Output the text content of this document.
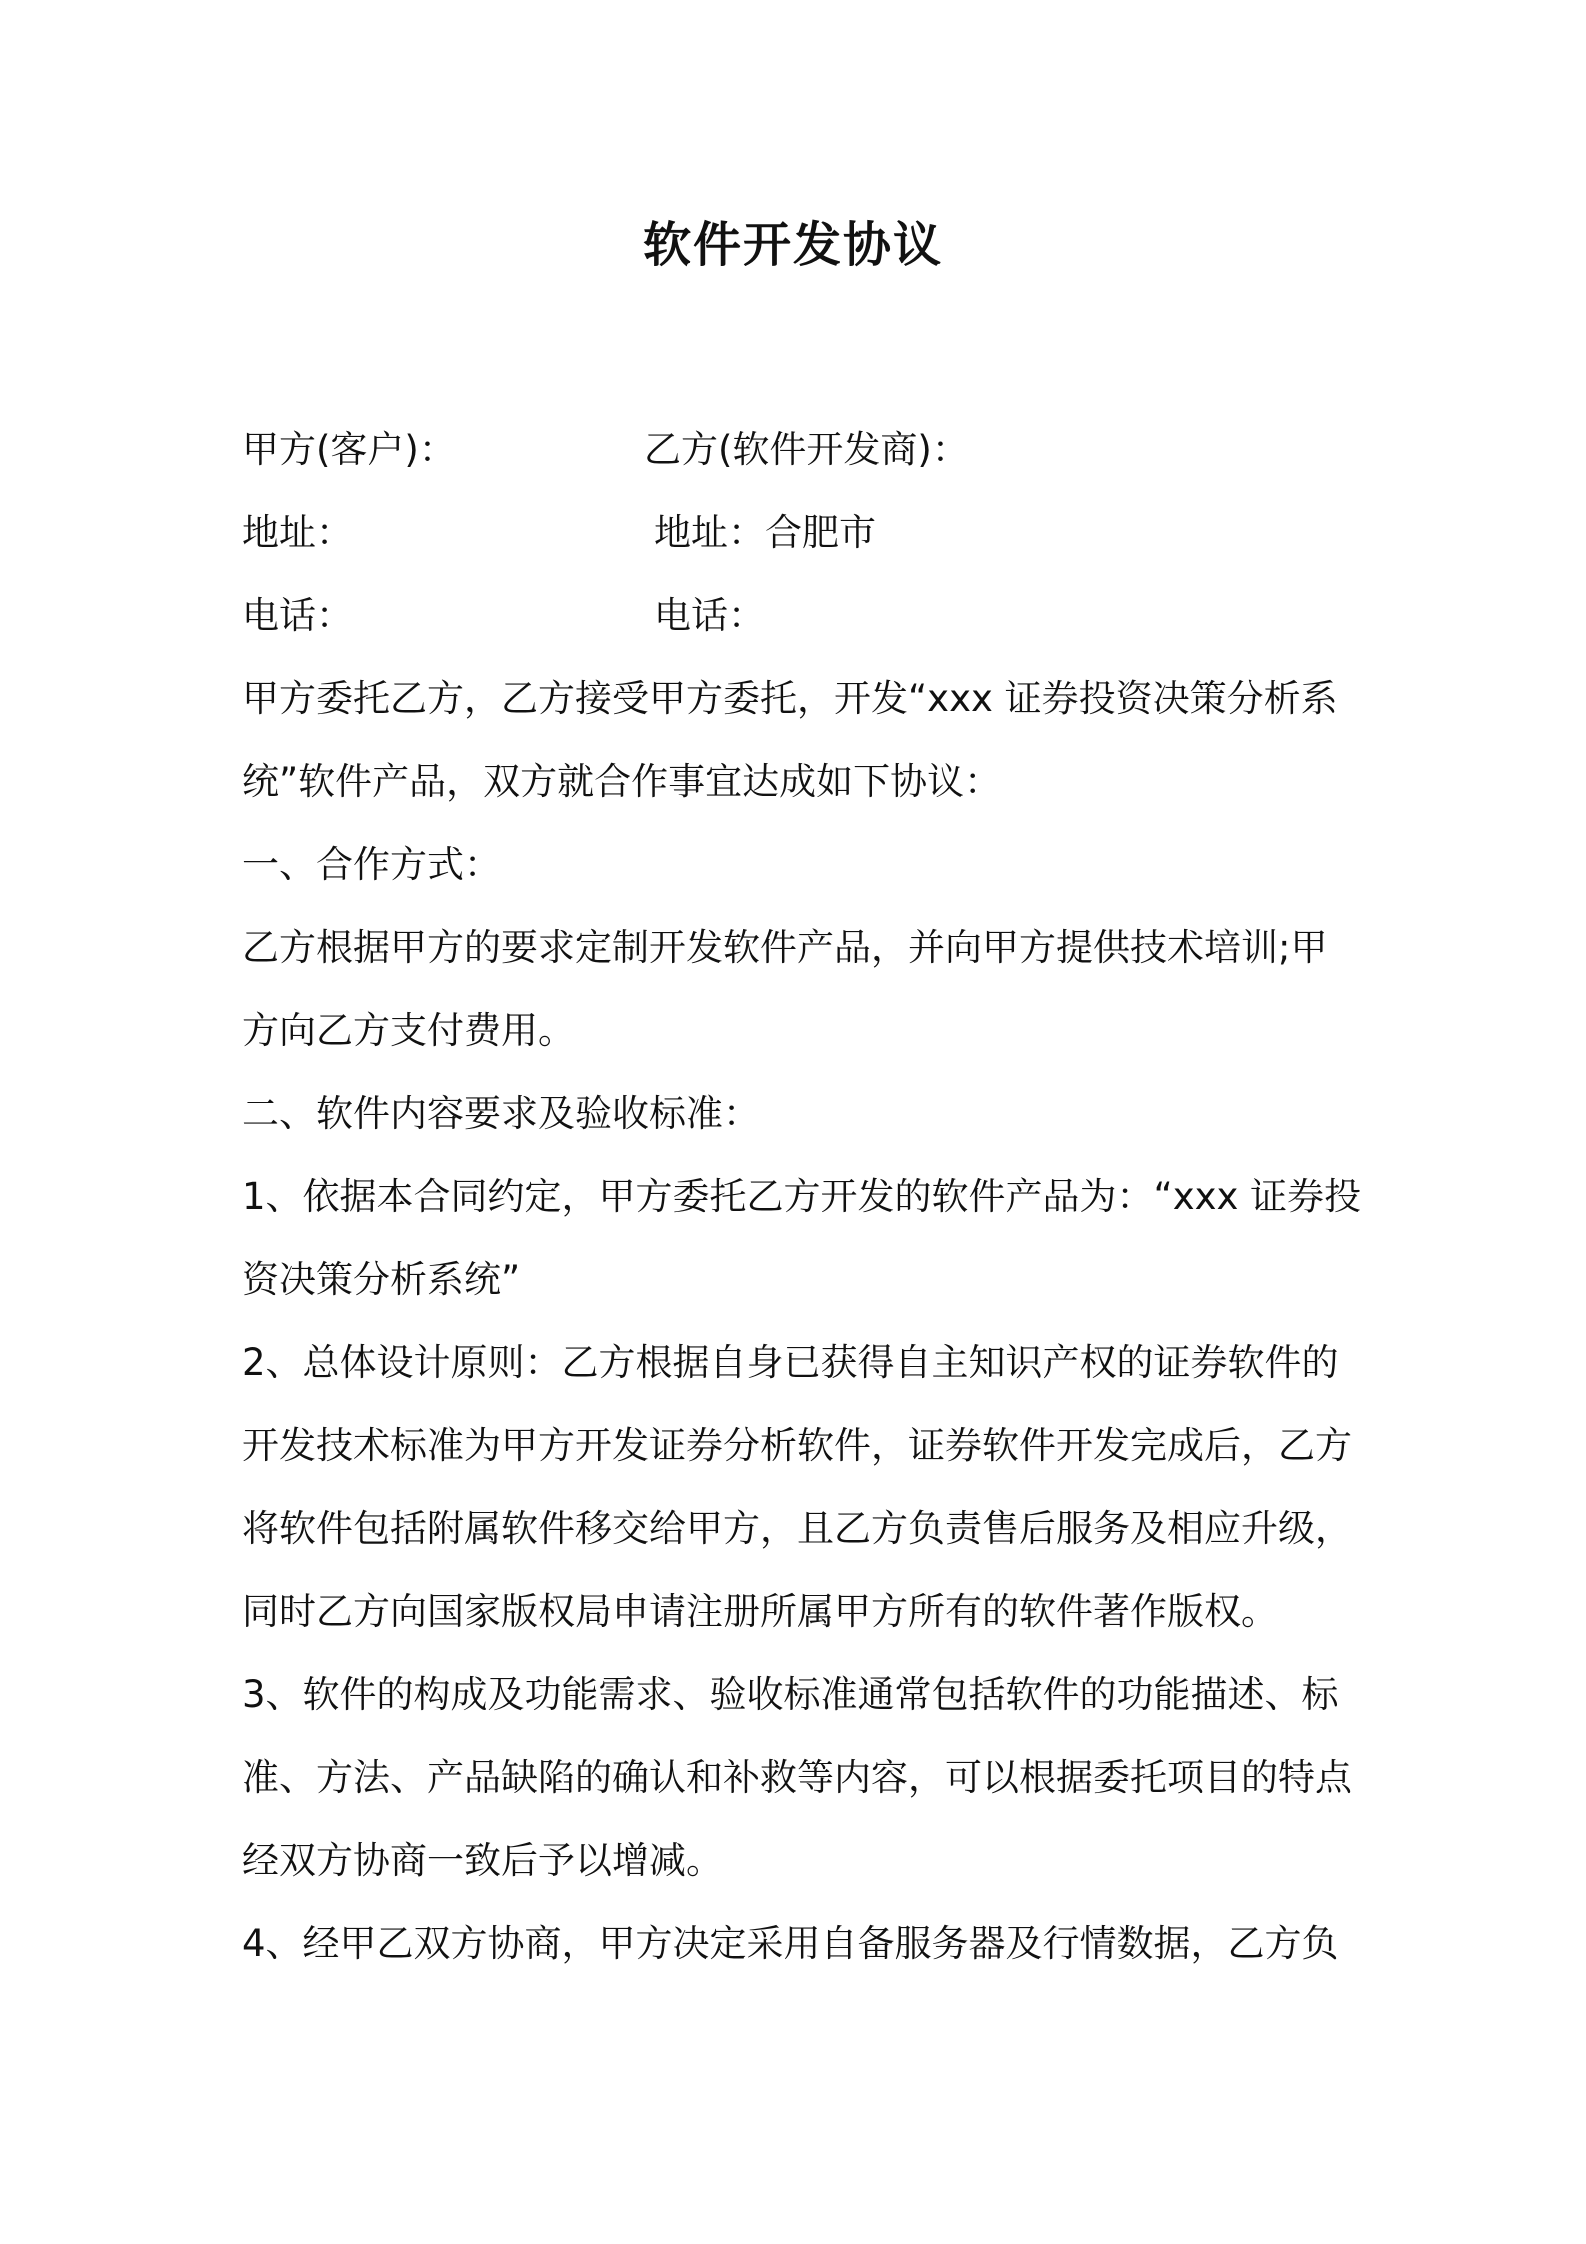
软件开发协议
甲方(客户)：	乙方(软件开发商)：
地址：	地址：合肥市
电话：	电话：
甲方委托乙方，乙方接受甲方委托，开发“xxx 证券投资决策分析系
统”软件产品，双方就合作事宜达成如下协议：
一、合作方式：
乙方根据甲方的要求定制开发软件产品，并向甲方提供技术培训;甲
方向乙方支付费用。
二、软件内容要求及验收标准：
1、依据本合同约定，甲方委托乙方开发的软件产品为：“xxx 证券投
资决策分析系统”
2、总体设计原则：乙方根据自身已获得自主知识产权的证券软件的
开发技术标准为甲方开发证券分析软件，证券软件开发完成后，乙方
将软件包括附属软件移交给甲方，且乙方负责售后服务及相应升级，
同时乙方向国家版权局申请注册所属甲方所有的软件著作版权。
3、软件的构成及功能需求、验收标准通常包括软件的功能描述、标
准、方法、产品缺陷的确认和补救等内容，可以根据委托项目的特点
经双方协商一致后予以增减。
4、经甲乙双方协商，甲方决定采用自备服务器及行情数据，乙方负
